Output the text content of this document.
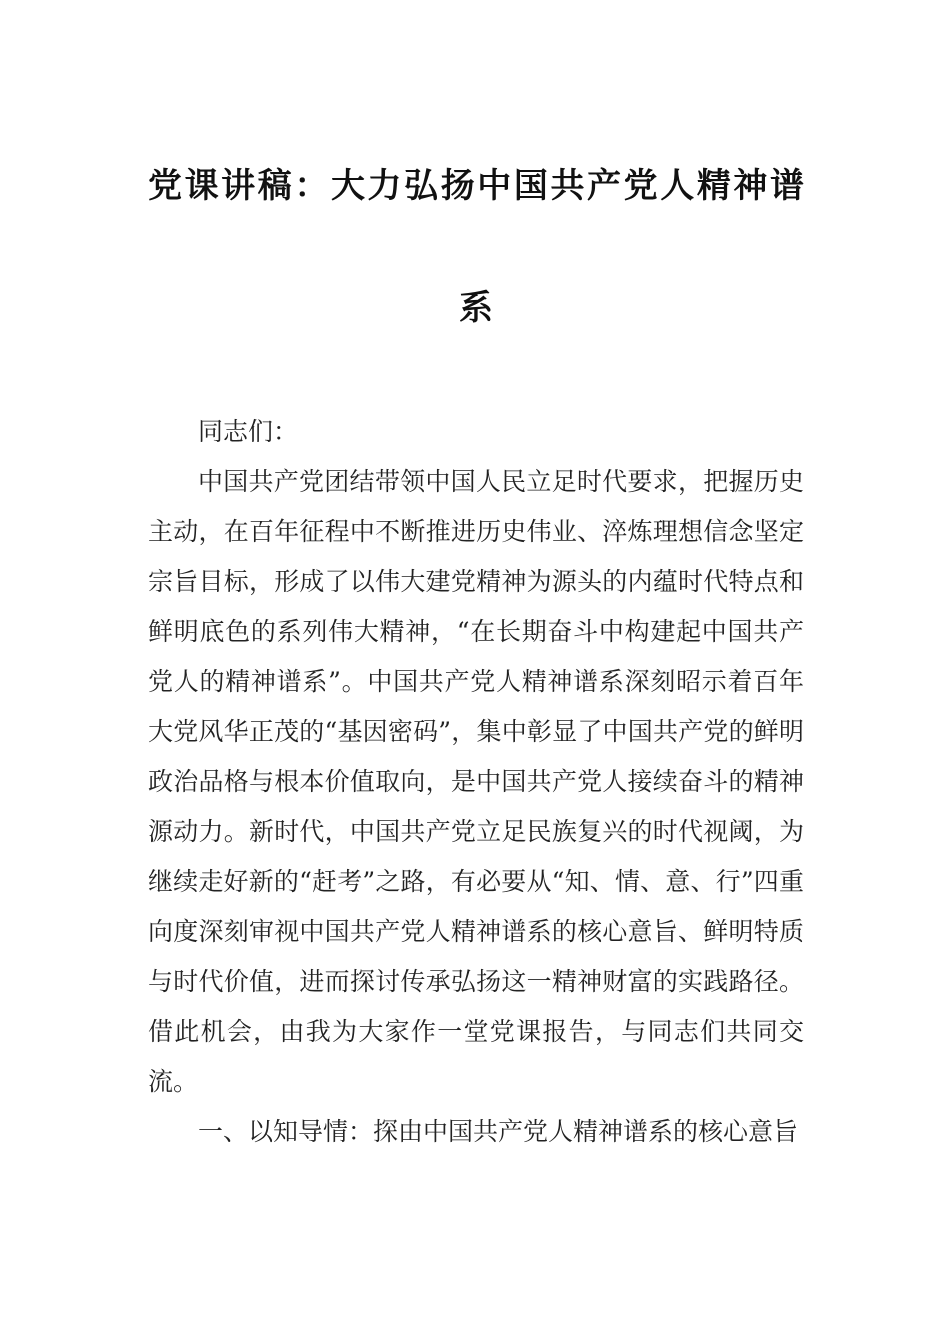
党课讲稿：大力弘扬中国共产党人精神谱
系

同志们：

中国共产党团结带领中国人民立足时代要求，把握历史主动，在百年征程中不断推进历史伟业、淬炼理想信念坚定宗旨目标，形成了以伟大建党精神为源头的内蕴时代特点和鲜明底色的系列伟大精神，“在长期奋斗中构建起中国共产党人的精神谱系”。中国共产党人精神谱系深刻昭示着百年大党风华正茂的“基因密码”，集中彰显了中国共产党的鲜明政治品格与根本价值取向，是中国共产党人接续奋斗的精神源动力。新时代，中国共产党立足民族复兴的时代视阈，为继续走好新的“赶考”之路，有必要从“知、情、意、行”四重向度深刻审视中国共产党人精神谱系的核心意旨、鲜明特质与时代价值，进而探讨传承弘扬这一精神财富的实践路径。借此机会，由我为大家作一堂党课报告，与同志们共同交流。

一、以知导情：探由中国共产党人精神谱系的核心意旨
